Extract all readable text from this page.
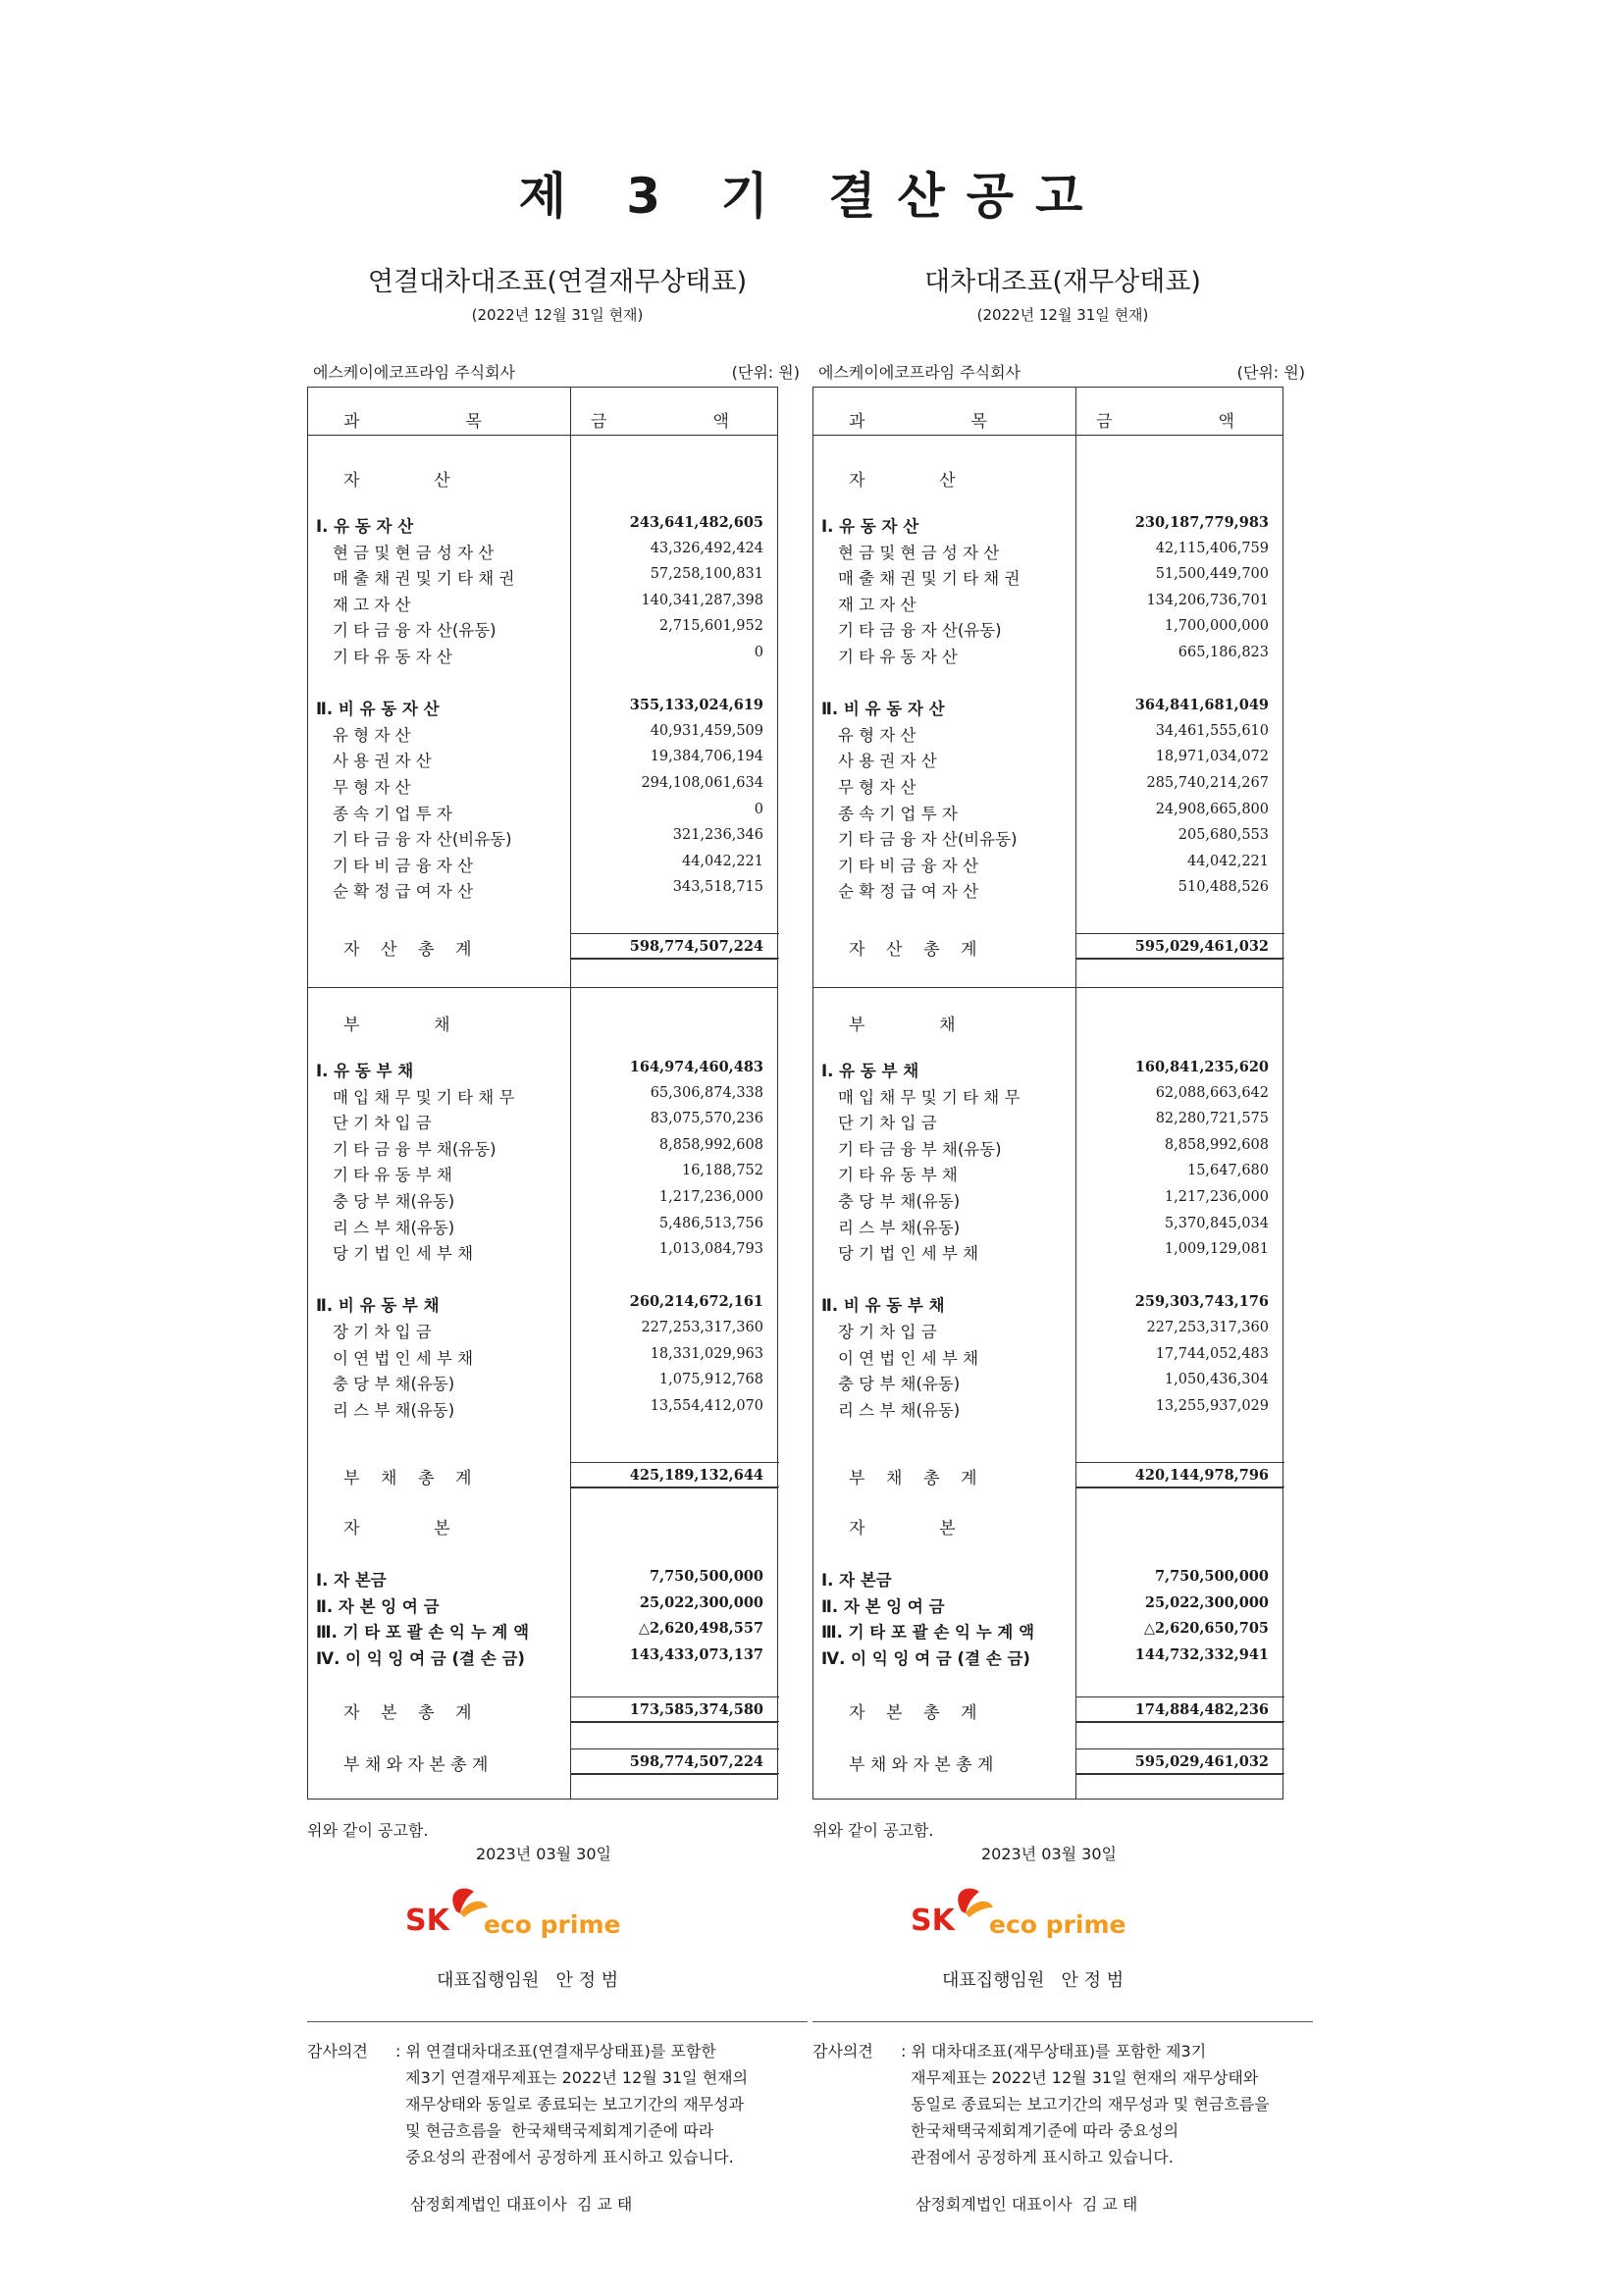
제 3 기 결산공고
연결대차대조표(연결재무상태표)
(2022년 12월 31일 현재)
에스케이에코프라임 주식회사	(단위: 원)
과                    목	금                    액
자              산
Ⅰ. 유 동 자 산	243,641,482,605
현 금 및 현 금 성 자 산	43,326,492,424
매 출 채 권 및 기 타 채 권	57,258,100,831
재 고 자 산	140,341,287,398
기 타 금 융 자 산(유동)	2,715,601,952
기 타 유 동 자 산	0
Ⅱ. 비 유 동 자 산	355,133,024,619
유 형 자 산	40,931,459,509
사 용 권 자 산	19,384,706,194
무 형 자 산	294,108,061,634
종 속 기 업 투 자	0
기 타 금 융 자 산(비유동)	321,236,346
기 타 비 금 융 자 산	44,042,221
순 확 정 급 여 자 산	343,518,715
자    산    총    계	598,774,507,224
부              채
Ⅰ. 유 동 부 채	164,974,460,483
매 입 채 무 및 기 타 채 무	65,306,874,338
단 기 차 입 금	83,075,570,236
기 타 금 융 부 채(유동)	8,858,992,608
기 타 유 동 부 채	16,188,752
충 당 부 채(유동)	1,217,236,000
리 스 부 채(유동)	5,486,513,756
당 기 법 인 세 부 채	1,013,084,793
Ⅱ. 비 유 동 부 채	260,214,672,161
장 기 차 입 금	227,253,317,360
이 연 법 인 세 부 채	18,331,029,963
충 당 부 채(유동)	1,075,912,768
리 스 부 채(유동)	13,554,412,070
부    채    총    계	425,189,132,644
자              본
Ⅰ. 자 본금	7,750,500,000
Ⅱ. 자 본 잉 여 금	25,022,300,000
Ⅲ. 기 타 포 괄 손 익 누 계 액	△2,620,498,557
Ⅳ. 이 익 잉 여 금 (결 손 금)	143,433,073,137
자    본    총    계	173,585,374,580
부 채 와 자 본 총 계	598,774,507,224
위와 같이 공고함.
2023년 03월 30일
SK eco prime
대표집행임원   안 정 범
감사의견 : 위 연결대차대조표(연결재무상태표)를 포함한
제3기 연결재무제표는 2022년 12월 31일 현재의
재무상태와 동일로 종료되는 보고기간의 재무성과
및 현금흐름을  한국채택국제회계기준에 따라
중요성의 관점에서 공정하게 표시하고 있습니다.
삼정회계법인 대표이사  김 교 태
대차대조표(재무상태표)
(2022년 12월 31일 현재)
에스케이에코프라임 주식회사	(단위: 원)
과                    목	금                    액
자              산
Ⅰ. 유 동 자 산	230,187,779,983
현 금 및 현 금 성 자 산	42,115,406,759
매 출 채 권 및 기 타 채 권	51,500,449,700
재 고 자 산	134,206,736,701
기 타 금 융 자 산(유동)	1,700,000,000
기 타 유 동 자 산	665,186,823
Ⅱ. 비 유 동 자 산	364,841,681,049
유 형 자 산	34,461,555,610
사 용 권 자 산	18,971,034,072
무 형 자 산	285,740,214,267
종 속 기 업 투 자	24,908,665,800
기 타 금 융 자 산(비유동)	205,680,553
기 타 비 금 융 자 산	44,042,221
순 확 정 급 여 자 산	510,488,526
자    산    총    계	595,029,461,032
부              채
Ⅰ. 유 동 부 채	160,841,235,620
매 입 채 무 및 기 타 채 무	62,088,663,642
단 기 차 입 금	82,280,721,575
기 타 금 융 부 채(유동)	8,858,992,608
기 타 유 동 부 채	15,647,680
충 당 부 채(유동)	1,217,236,000
리 스 부 채(유동)	5,370,845,034
당 기 법 인 세 부 채	1,009,129,081
Ⅱ. 비 유 동 부 채	259,303,743,176
장 기 차 입 금	227,253,317,360
이 연 법 인 세 부 채	17,744,052,483
충 당 부 채(유동)	1,050,436,304
리 스 부 채(유동)	13,255,937,029
부    채    총    계	420,144,978,796
자              본
Ⅰ. 자 본금	7,750,500,000
Ⅱ. 자 본 잉 여 금	25,022,300,000
Ⅲ. 기 타 포 괄 손 익 누 계 액	△2,620,650,705
Ⅳ. 이 익 잉 여 금 (결 손 금)	144,732,332,941
자    본    총    계	174,884,482,236
부 채 와 자 본 총 계	595,029,461,032
위와 같이 공고함.
2023년 03월 30일
SK eco prime
대표집행임원   안 정 범
감사의견 : 위 대차대조표(재무상태표)를 포함한 제3기
재무제표는 2022년 12월 31일 현재의 재무상태와
동일로 종료되는 보고기간의 재무성과 및 현금흐름을
한국채택국제회계기준에 따라 중요성의
관점에서 공정하게 표시하고 있습니다.
삼정회계법인 대표이사  김 교 태
